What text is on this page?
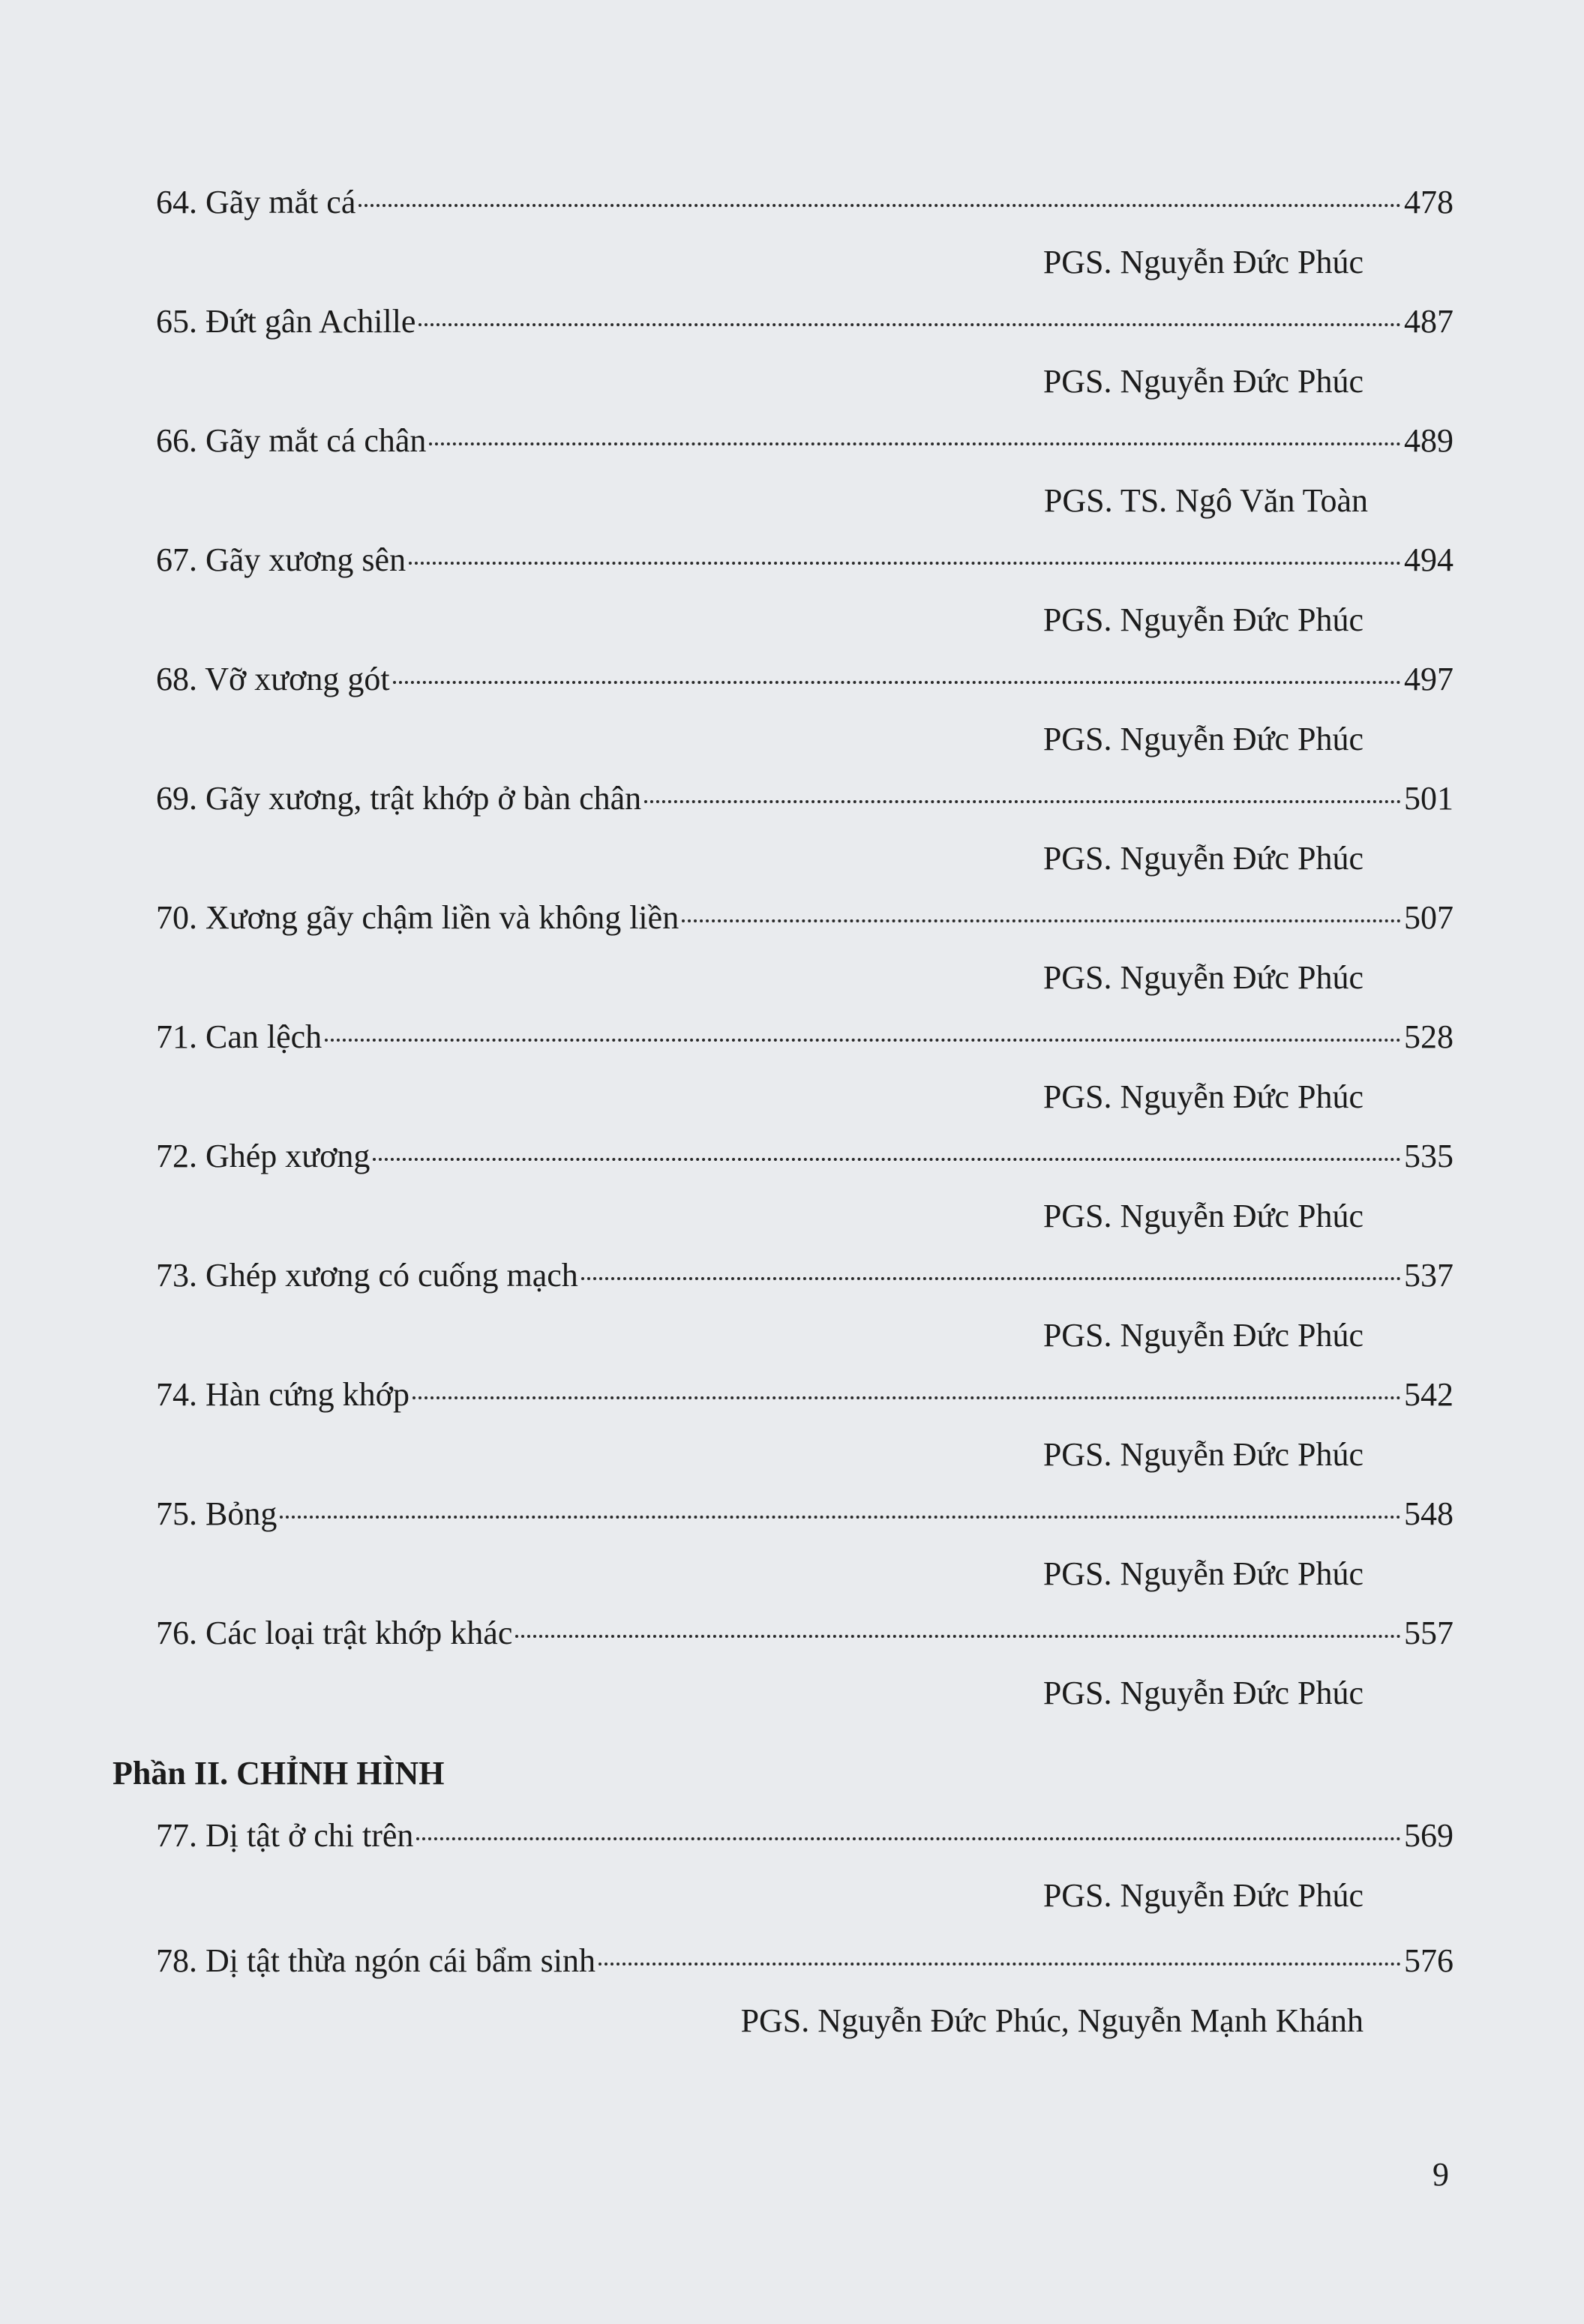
64. Gãy mắt cá	478
PGS. Nguyễn Đức Phúc
65. Đứt gân Achille	487
PGS. Nguyễn Đức Phúc
66. Gãy mắt cá chân	489
PGS. TS. Ngô Văn Toàn
67. Gãy xương sên	494
PGS. Nguyễn Đức Phúc
68. Vỡ xương gót	497
PGS. Nguyễn Đức Phúc
69. Gãy xương, trật khớp ở bàn chân	501
PGS. Nguyễn Đức Phúc
70. Xương gãy chậm liền và không liền	507
PGS. Nguyễn Đức Phúc
71. Can lệch	528
PGS. Nguyễn Đức Phúc
72. Ghép xương	535
PGS. Nguyễn Đức Phúc
73. Ghép xương có cuống mạch	537
PGS. Nguyễn Đức Phúc
74. Hàn cứng khớp	542
PGS. Nguyễn Đức Phúc
75. Bỏng	548
PGS. Nguyễn Đức Phúc
76. Các loại trật khớp khác	557
PGS. Nguyễn Đức Phúc
Phần II. CHỈNH HÌNH
77. Dị tật ở chi trên	569
PGS. Nguyễn Đức Phúc
78. Dị tật thừa ngón cái bẩm sinh	576
PGS. Nguyễn Đức Phúc, Nguyễn Mạnh Khánh
9
